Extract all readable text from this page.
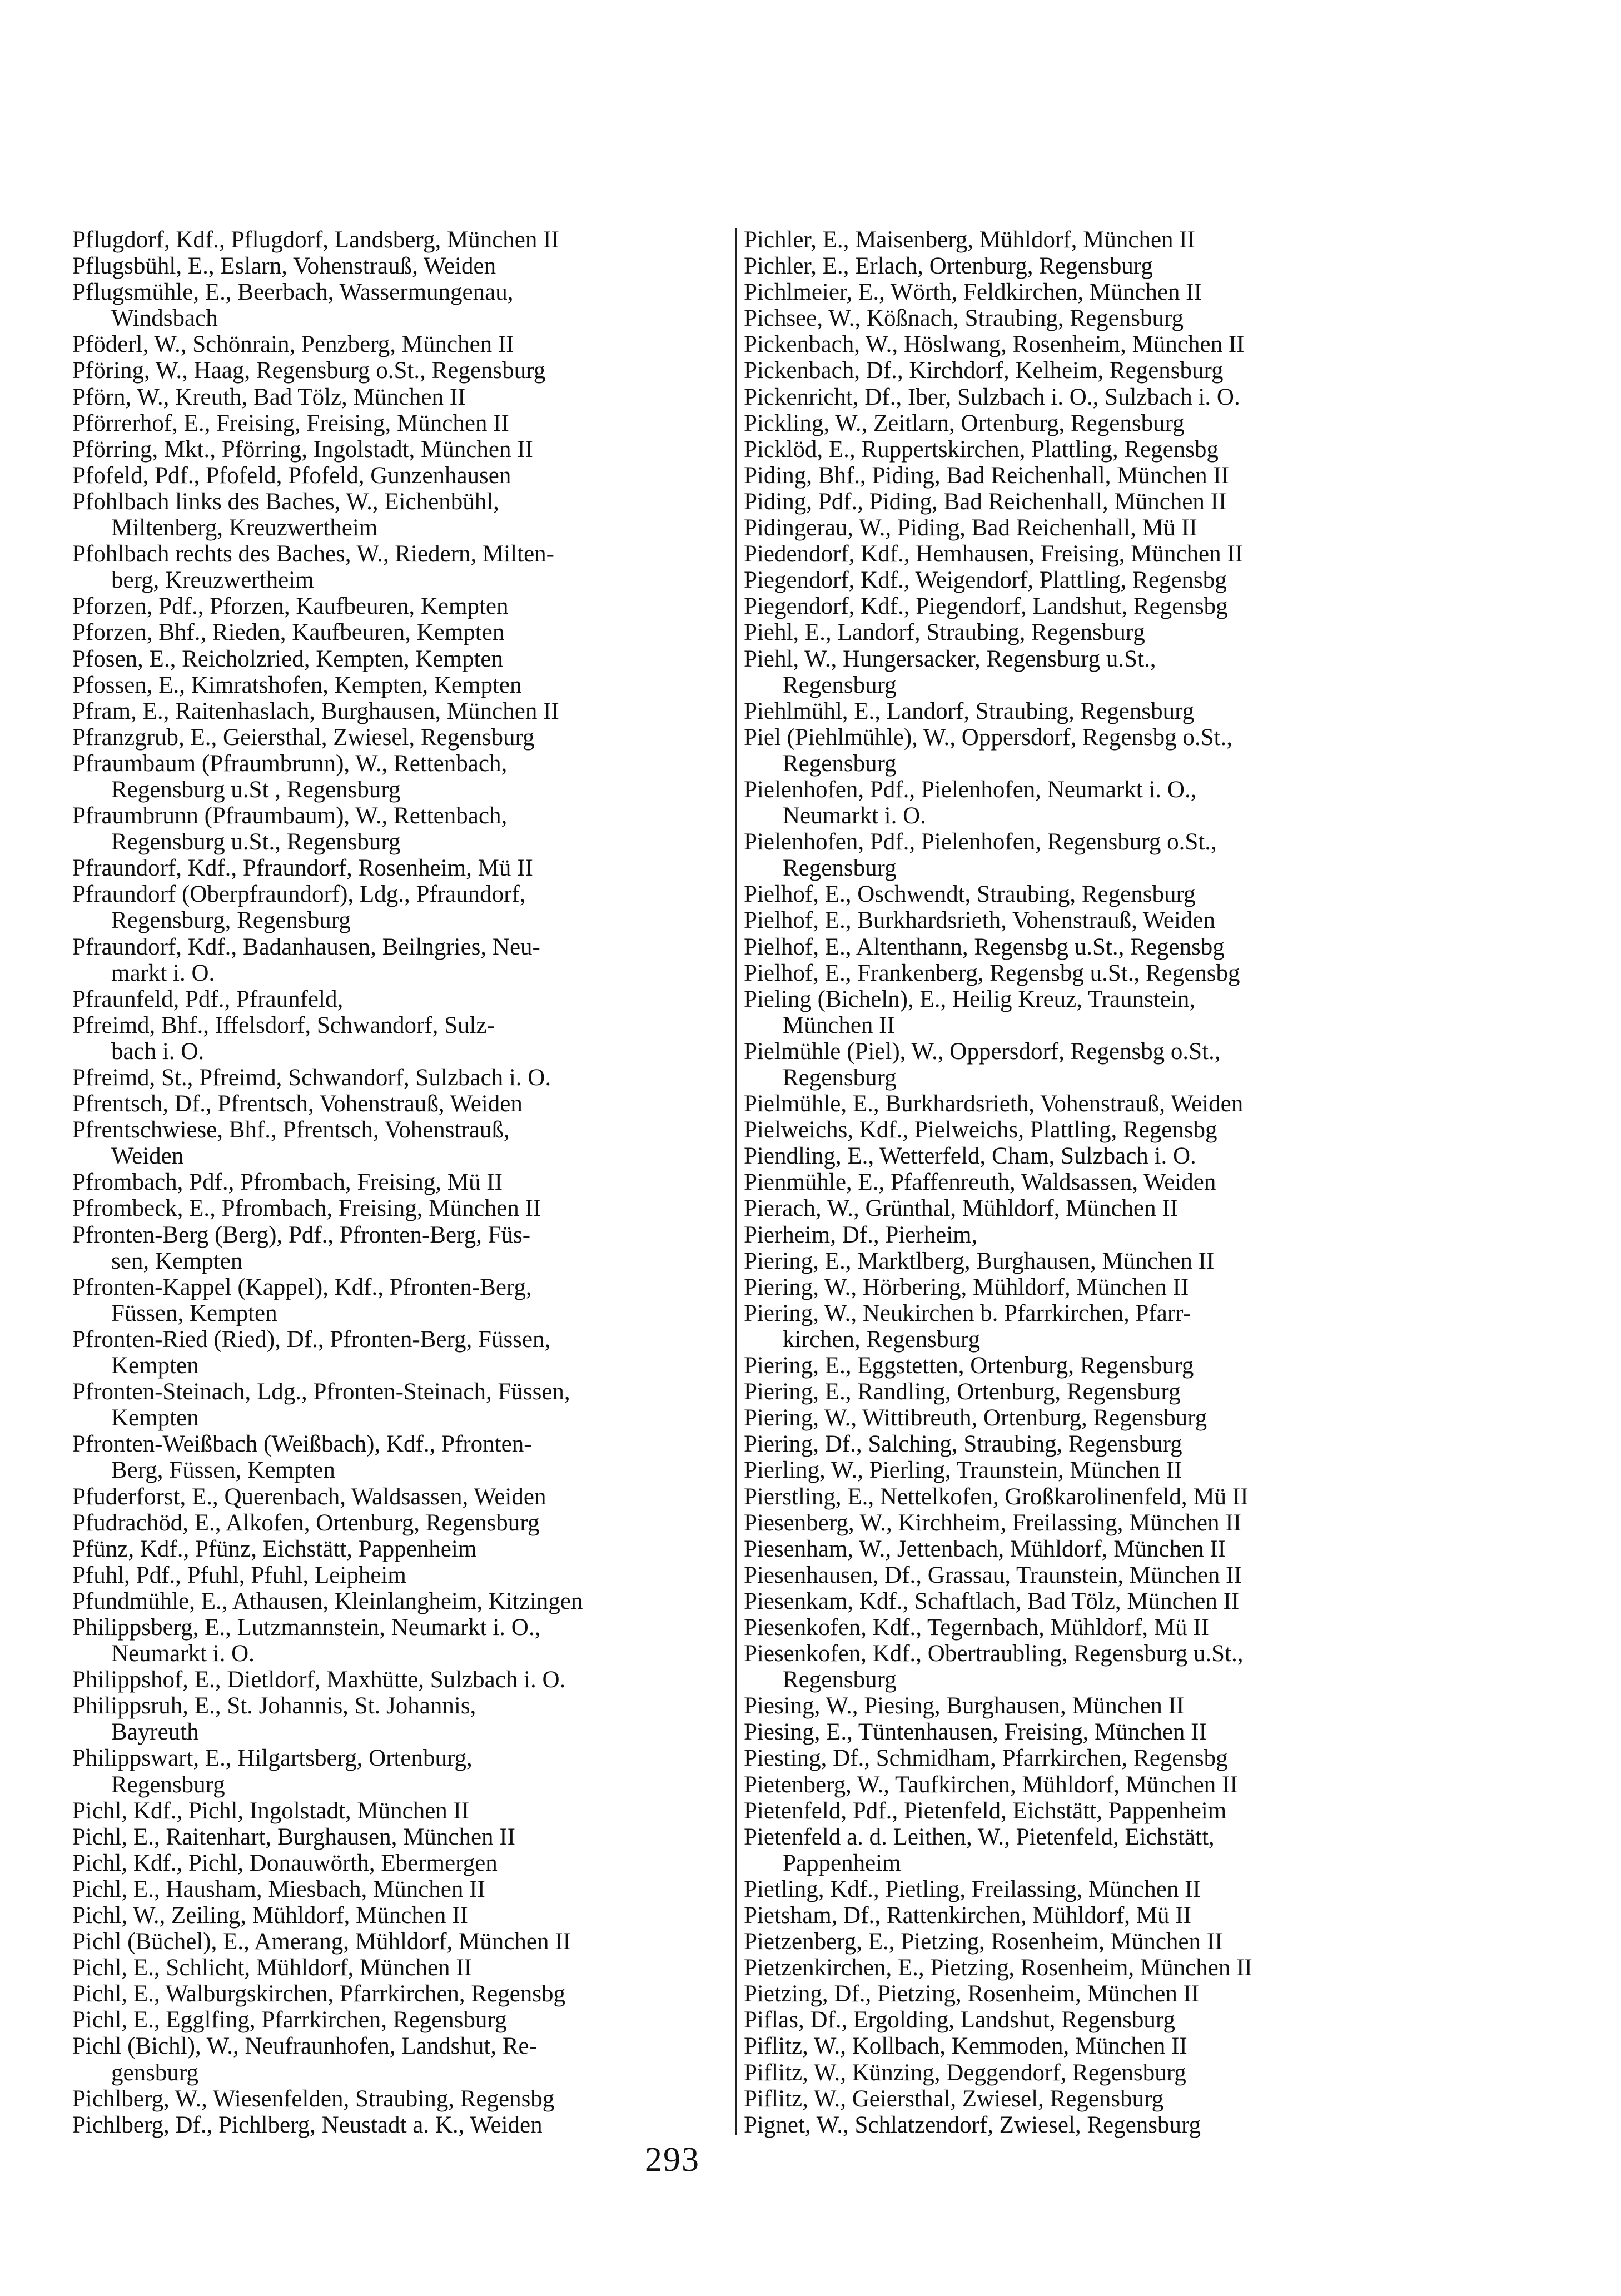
Pflugdorf, Kdf., Pflugdorf, Landsberg, München II
Pflugsbühl, E., Eslarn, Vohenstrauß, Weiden
Pflugsmühle, E., Beerbach, Wassermungenau,
Windsbach
Pföderl, W., Schönrain, Penzberg, München II
Pföring, W., Haag, Regensburg o.St., Regensburg
Pförn, W., Kreuth, Bad Tölz, München II
Pförrerhof, E., Freising, Freising, München II
Pförring, Mkt., Pförring, Ingolstadt, München II
Pfofeld, Pdf., Pfofeld, Pfofeld, Gunzenhausen
Pfohlbach links des Baches, W., Eichenbühl,
Miltenberg, Kreuzwertheim
Pfohlbach rechts des Baches, W., Riedern, Milten-
berg, Kreuzwertheim
Pforzen, Pdf., Pforzen, Kaufbeuren, Kempten
Pforzen, Bhf., Rieden, Kaufbeuren, Kempten
Pfosen, E., Reicholzried, Kempten, Kempten
Pfossen, E., Kimratshofen, Kempten, Kempten
Pfram, E., Raitenhaslach, Burghausen, München II
Pfranzgrub, E., Geiersthal, Zwiesel, Regensburg
Pfraumbaum (Pfraumbrunn), W., Rettenbach,
Regensburg u.St , Regensburg
Pfraumbrunn (Pfraumbaum), W., Rettenbach,
Regensburg u.St., Regensburg
Pfraundorf, Kdf., Pfraundorf, Rosenheim, Mü II
Pfraundorf (Oberpfraundorf), Ldg., Pfraundorf,
Regensburg, Regensburg
Pfraundorf, Kdf., Badanhausen, Beilngries, Neu-
markt i. O.
Pfraunfeld, Pdf., Pfraunfeld,
Pfreimd, Bhf., Iffelsdorf, Schwandorf, Sulz-
bach i. O.
Pfreimd, St., Pfreimd, Schwandorf, Sulzbach i. O.
Pfrentsch, Df., Pfrentsch, Vohenstrauß, Weiden
Pfrentschwiese, Bhf., Pfrentsch, Vohenstrauß,
Weiden
Pfrombach, Pdf., Pfrombach, Freising, Mü II
Pfrombeck, E., Pfrombach, Freising, München II
Pfronten-Berg (Berg), Pdf., Pfronten-Berg, Füs-
sen, Kempten
Pfronten-Kappel (Kappel), Kdf., Pfronten-Berg,
Füssen, Kempten
Pfronten-Ried (Ried), Df., Pfronten-Berg, Füssen,
Kempten
Pfronten-Steinach, Ldg., Pfronten-Steinach, Füssen,
Kempten
Pfronten-Weißbach (Weißbach), Kdf., Pfronten-
Berg, Füssen, Kempten
Pfuderforst, E., Querenbach, Waldsassen, Weiden
Pfudrachöd, E., Alkofen, Ortenburg, Regensburg
Pfünz, Kdf., Pfünz, Eichstätt, Pappenheim
Pfuhl, Pdf., Pfuhl, Pfuhl, Leipheim
Pfundmühle, E., Athausen, Kleinlangheim, Kitzingen
Philippsberg, E., Lutzmannstein, Neumarkt i. O.,
Neumarkt i. O.
Philippshof, E., Dietldorf, Maxhütte, Sulzbach i. O.
Philippsruh, E., St. Johannis, St. Johannis,
Bayreuth
Philippswart, E., Hilgartsberg, Ortenburg,
Regensburg
Pichl, Kdf., Pichl, Ingolstadt, München II
Pichl, E., Raitenhart, Burghausen, München II
Pichl, Kdf., Pichl, Donauwörth, Ebermergen
Pichl, E., Hausham, Miesbach, München II
Pichl, W., Zeiling, Mühldorf, München II
Pichl (Büchel), E., Amerang, Mühldorf, München II
Pichl, E., Schlicht, Mühldorf, München II
Pichl, E., Walburgskirchen, Pfarrkirchen, Regensbg
Pichl, E., Egglfing, Pfarrkirchen, Regensburg
Pichl (Bichl), W., Neufraunhofen, Landshut, Re-
gensburg
Pichlberg, W., Wiesenfelden, Straubing, Regensbg
Pichlberg, Df., Pichlberg, Neustadt a. K., Weiden
Pichler, E., Maisenberg, Mühldorf, München II
Pichler, E., Erlach, Ortenburg, Regensburg
Pichlmeier, E., Wörth, Feldkirchen, München II
Pichsee, W., Kößnach, Straubing, Regensburg
Pickenbach, W., Höslwang, Rosenheim, München II
Pickenbach, Df., Kirchdorf, Kelheim, Regensburg
Pickenricht, Df., Iber, Sulzbach i. O., Sulzbach i. O.
Pickling, W., Zeitlarn, Ortenburg, Regensburg
Picklöd, E., Ruppertskirchen, Plattling, Regensbg
Piding, Bhf., Piding, Bad Reichenhall, München II
Piding, Pdf., Piding, Bad Reichenhall, München II
Pidingerau, W., Piding, Bad Reichenhall, Mü II
Piedendorf, Kdf., Hemhausen, Freising, München II
Piegendorf, Kdf., Weigendorf, Plattling, Regensbg
Piegendorf, Kdf., Piegendorf, Landshut, Regensbg
Piehl, E., Landorf, Straubing, Regensburg
Piehl, W., Hungersacker, Regensburg u.St.,
Regensburg
Piehlmühl, E., Landorf, Straubing, Regensburg
Piel (Piehlmühle), W., Oppersdorf, Regensbg o.St.,
Regensburg
Pielenhofen, Pdf., Pielenhofen, Neumarkt i. O.,
Neumarkt i. O.
Pielenhofen, Pdf., Pielenhofen, Regensburg o.St.,
Regensburg
Pielhof, E., Oschwendt, Straubing, Regensburg
Pielhof, E., Burkhardsrieth, Vohenstrauß, Weiden
Pielhof, E., Altenthann, Regensbg u.St., Regensbg
Pielhof, E., Frankenberg, Regensbg u.St., Regensbg
Pieling (Bicheln), E., Heilig Kreuz, Traunstein,
München II
Pielmühle (Piel), W., Oppersdorf, Regensbg o.St.,
Regensburg
Pielmühle, E., Burkhardsrieth, Vohenstrauß, Weiden
Pielweichs, Kdf., Pielweichs, Plattling, Regensbg
Piendling, E., Wetterfeld, Cham, Sulzbach i. O.
Pienmühle, E., Pfaffenreuth, Waldsassen, Weiden
Pierach, W., Grünthal, Mühldorf, München II
Pierheim, Df., Pierheim,
Piering, E., Marktlberg, Burghausen, München II
Piering, W., Hörbering, Mühldorf, München II
Piering, W., Neukirchen b. Pfarrkirchen, Pfarr-
kirchen, Regensburg
Piering, E., Eggstetten, Ortenburg, Regensburg
Piering, E., Randling, Ortenburg, Regensburg
Piering, W., Wittibreuth, Ortenburg, Regensburg
Piering, Df., Salching, Straubing, Regensburg
Pierling, W., Pierling, Traunstein, München II
Pierstling, E., Nettelkofen, Großkarolinenfeld, Mü II
Piesenberg, W., Kirchheim, Freilassing, München II
Piesenham, W., Jettenbach, Mühldorf, München II
Piesenhausen, Df., Grassau, Traunstein, München II
Piesenkam, Kdf., Schaftlach, Bad Tölz, München II
Piesenkofen, Kdf., Tegernbach, Mühldorf, Mü II
Piesenkofen, Kdf., Obertraubling, Regensburg u.St.,
Regensburg
Piesing, W., Piesing, Burghausen, München II
Piesing, E., Tüntenhausen, Freising, München II
Piesting, Df., Schmidham, Pfarrkirchen, Regensbg
Pietenberg, W., Taufkirchen, Mühldorf, München II
Pietenfeld, Pdf., Pietenfeld, Eichstätt, Pappenheim
Pietenfeld a. d. Leithen, W., Pietenfeld, Eichstätt,
Pappenheim
Pietling, Kdf., Pietling, Freilassing, München II
Pietsham, Df., Rattenkirchen, Mühldorf, Mü II
Pietzenberg, E., Pietzing, Rosenheim, München II
Pietzenkirchen, E., Pietzing, Rosenheim, München II
Pietzing, Df., Pietzing, Rosenheim, München II
Piflas, Df., Ergolding, Landshut, Regensburg
Piflitz, W., Kollbach, Kemmoden, München II
Piflitz, W., Künzing, Deggendorf, Regensburg
Piflitz, W., Geiersthal, Zwiesel, Regensburg
Pignet, W., Schlatzendorf, Zwiesel, Regensburg
293
